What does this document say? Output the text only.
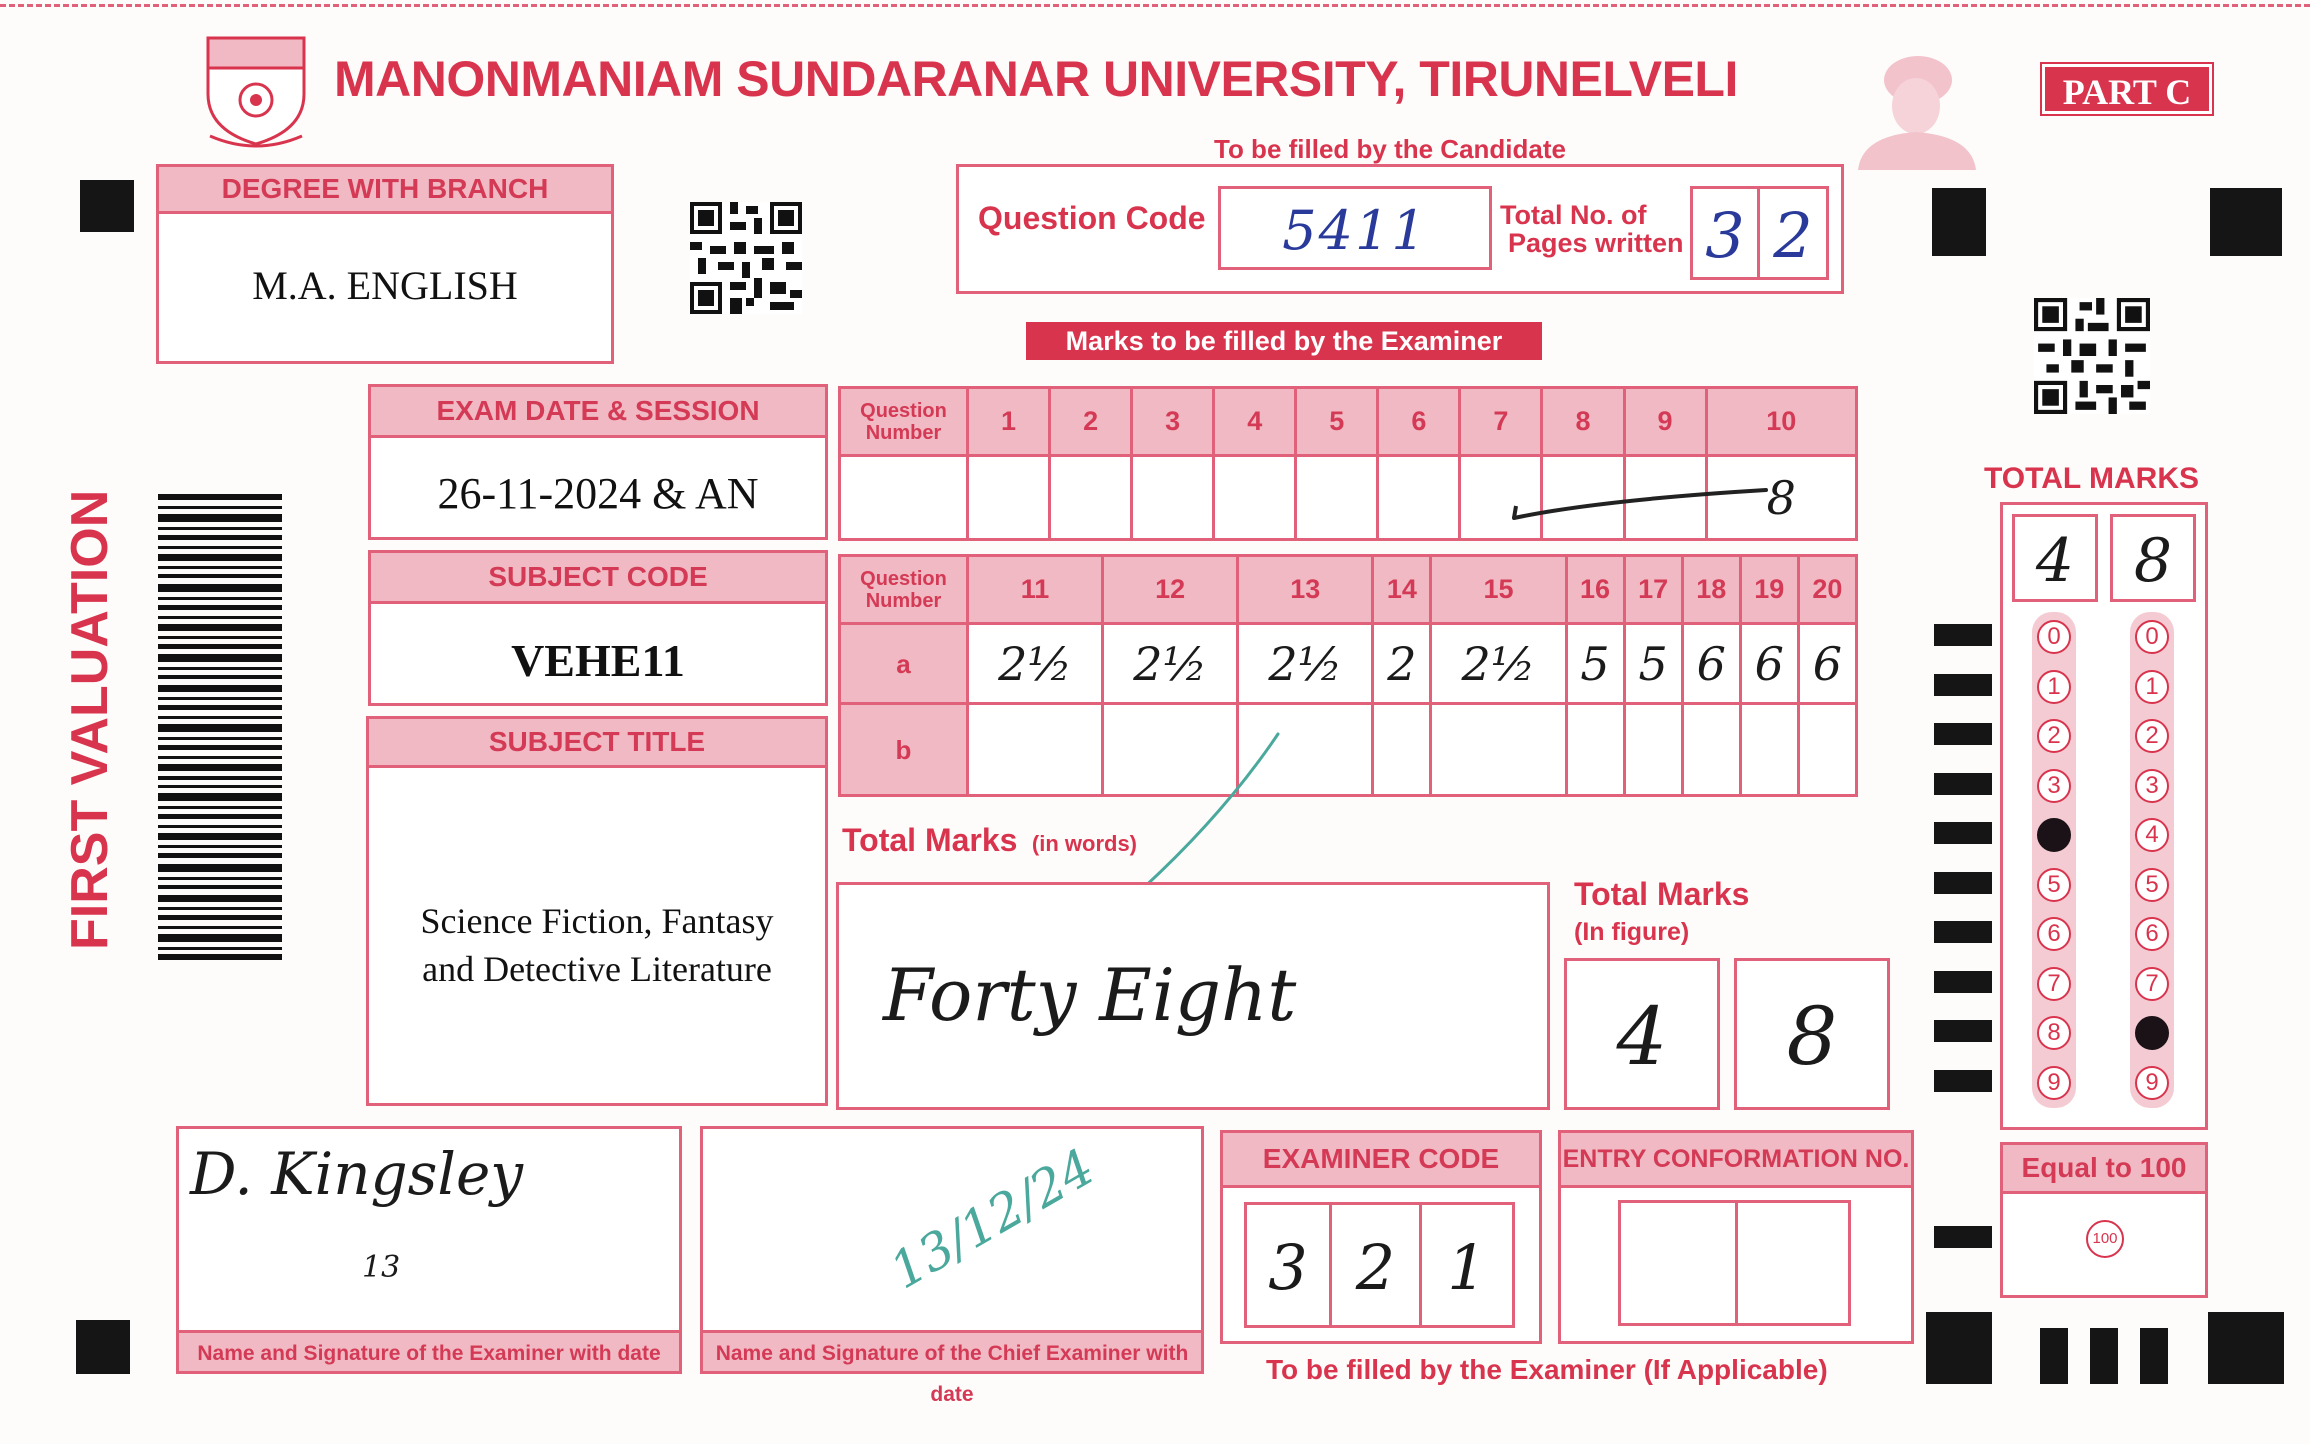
MANONMANIAM SUNDARANAR UNIVERSITY, TIRUNELVELI	PART C
To be filled by the Candidate
DEGREE WITH BRANCH
M.A. ENGLISH
Question Code	5411	Total No. of
Pages written 3 2
Marks to be filled by the Examiner
FIRST VALUATION
EXAM DATE & SESSION
26-11-2024 & AN
SUBJECT CODE
VEHE11
SUBJECT TITLE
Science Fiction, Fantasy
and Detective Literature
Question
Number	1	2	3	4	5	6	7	8	9	10
										8
Question
Number	11	12	13	14	15	16	17	18	19	20
a	2½	2½	2½	2	2½	5	5	6	6	6
b										
Total Marks (in words)
Forty Eight
Total Marks
(In figure)
4	8
TOTAL MARKS
4 8
0
1
2
3
4
5
6
7
8
9
0
1
2
3
4
5
6
7
8
9
Equal to 100
100
D. Kingsley
13
Name and Signature of the Examiner with date
13/12/24
Name and Signature of the Chief Examiner with date
EXAMINER CODE
3 2 1
ENTRY CONFORMATION NO.
To be filled by the Examiner (If Applicable)
